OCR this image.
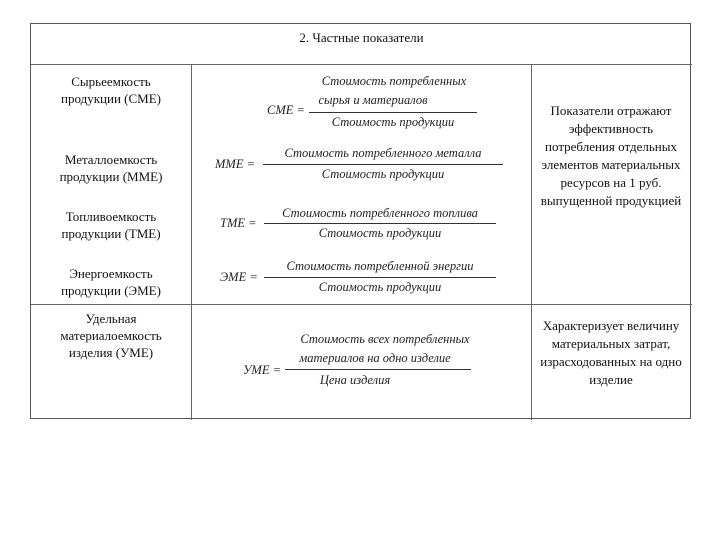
2. Частные показатели
Сырьеемкость продукции (СМЕ)
Металлоемкость продукции (ММЕ)
Топливоемкость продукции (ТМЕ)
Энергоемкость продукции (ЭМЕ)
Удельная материалоемкость изделия (УМЕ)
СМЕ =
Стоимость потребленных
сырья и материалов
Стоимость продукции
ММЕ =
Стоимость потребленного металла
Стоимость продукции
ТМЕ =
Стоимость потребленного топлива
Стоимость продукции
ЭМЕ =
Стоимость потребленной энергии
Стоимость продукции
УМЕ =
Стоимость всех потребленных
материалов на одно изделие
Цена изделия
Показатели отражают эффективность потребления отдельных элементов материальных ресурсов на 1 руб. выпущенной продукцией
Характеризует величину материальных затрат, израсходованных на одно изделие
